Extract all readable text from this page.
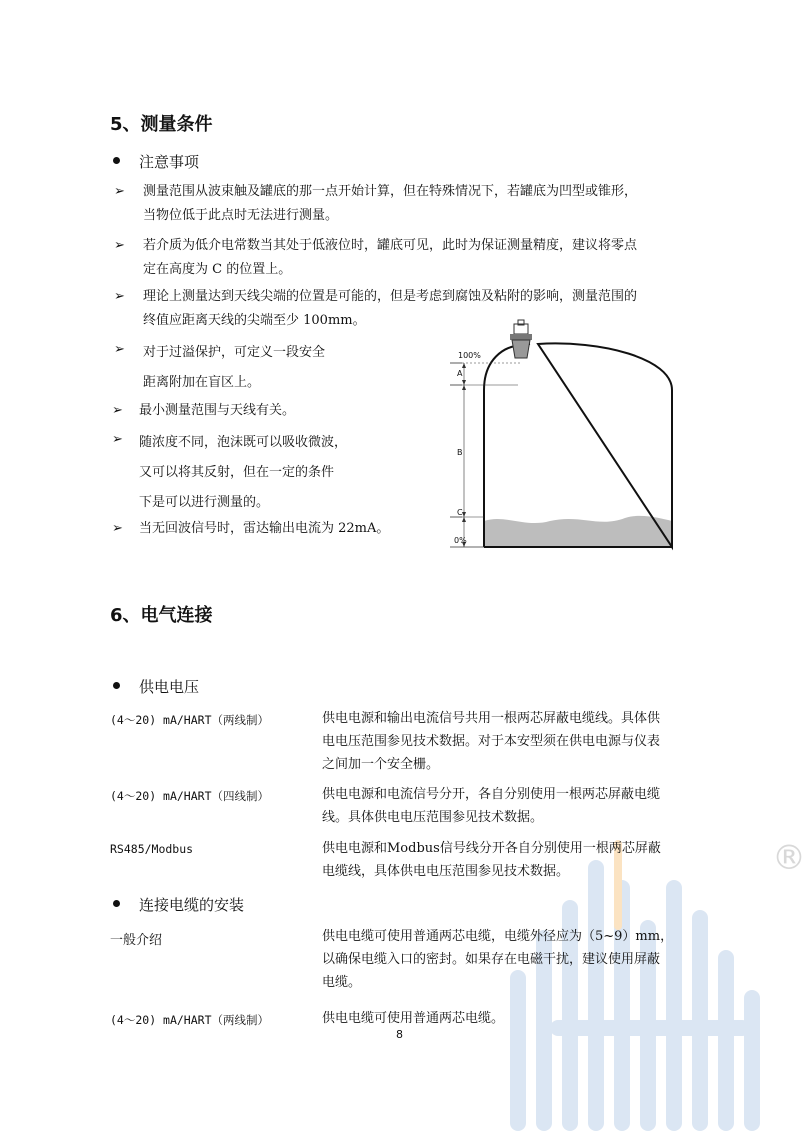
®
5、测量条件
注意事项
➢ 测量范围从波束触及罐底的那一点开始计算，但在特殊情况下，若罐底为凹型或锥形，
当物位低于此点时无法进行测量。
➢ 若介质为低介电常数当其处于低液位时，罐底可见，此时为保证测量精度，建议将零点
定在高度为 C 的位置上。
➢ 理论上测量达到天线尖端的位置是可能的，但是考虑到腐蚀及粘附的影响，测量范围的
终值应距离天线的尖端至少 100mm。
➢ 对于过溢保护，可定义一段安全
距离附加在盲区上。
➢ 最小测量范围与天线有关。
➢ 随浓度不同，泡沫既可以吸收微波，
又可以将其反射，但在一定的条件
下是可以进行测量的。
➢ 当无回波信号时，雷达输出电流为 22mA。
100%
A
B
C
0%
6、电气连接
供电电压
(4～20) mA/HART（两线制）	供电电源和输出电流信号共用一根两芯屏蔽电缆线。具体供
电电压范围参见技术数据。对于本安型须在供电电源与仪表
之间加一个安全栅。
(4～20) mA/HART（四线制）	供电电源和电流信号分开，各自分别使用一根两芯屏蔽电缆
线。具体供电电压范围参见技术数据。
RS485/Modbus	供电电源和Modbus信号线分开各自分别使用一根两芯屏蔽
电缆线，具体供电电压范围参见技术数据。
连接电缆的安装
一般介绍	供电电缆可使用普通两芯电缆，电缆外径应为（5~9）mm，
以确保电缆入口的密封。如果存在电磁干扰，建议使用屏蔽
电缆。
(4～20) mA/HART（两线制）	供电电缆可使用普通两芯电缆。
8
